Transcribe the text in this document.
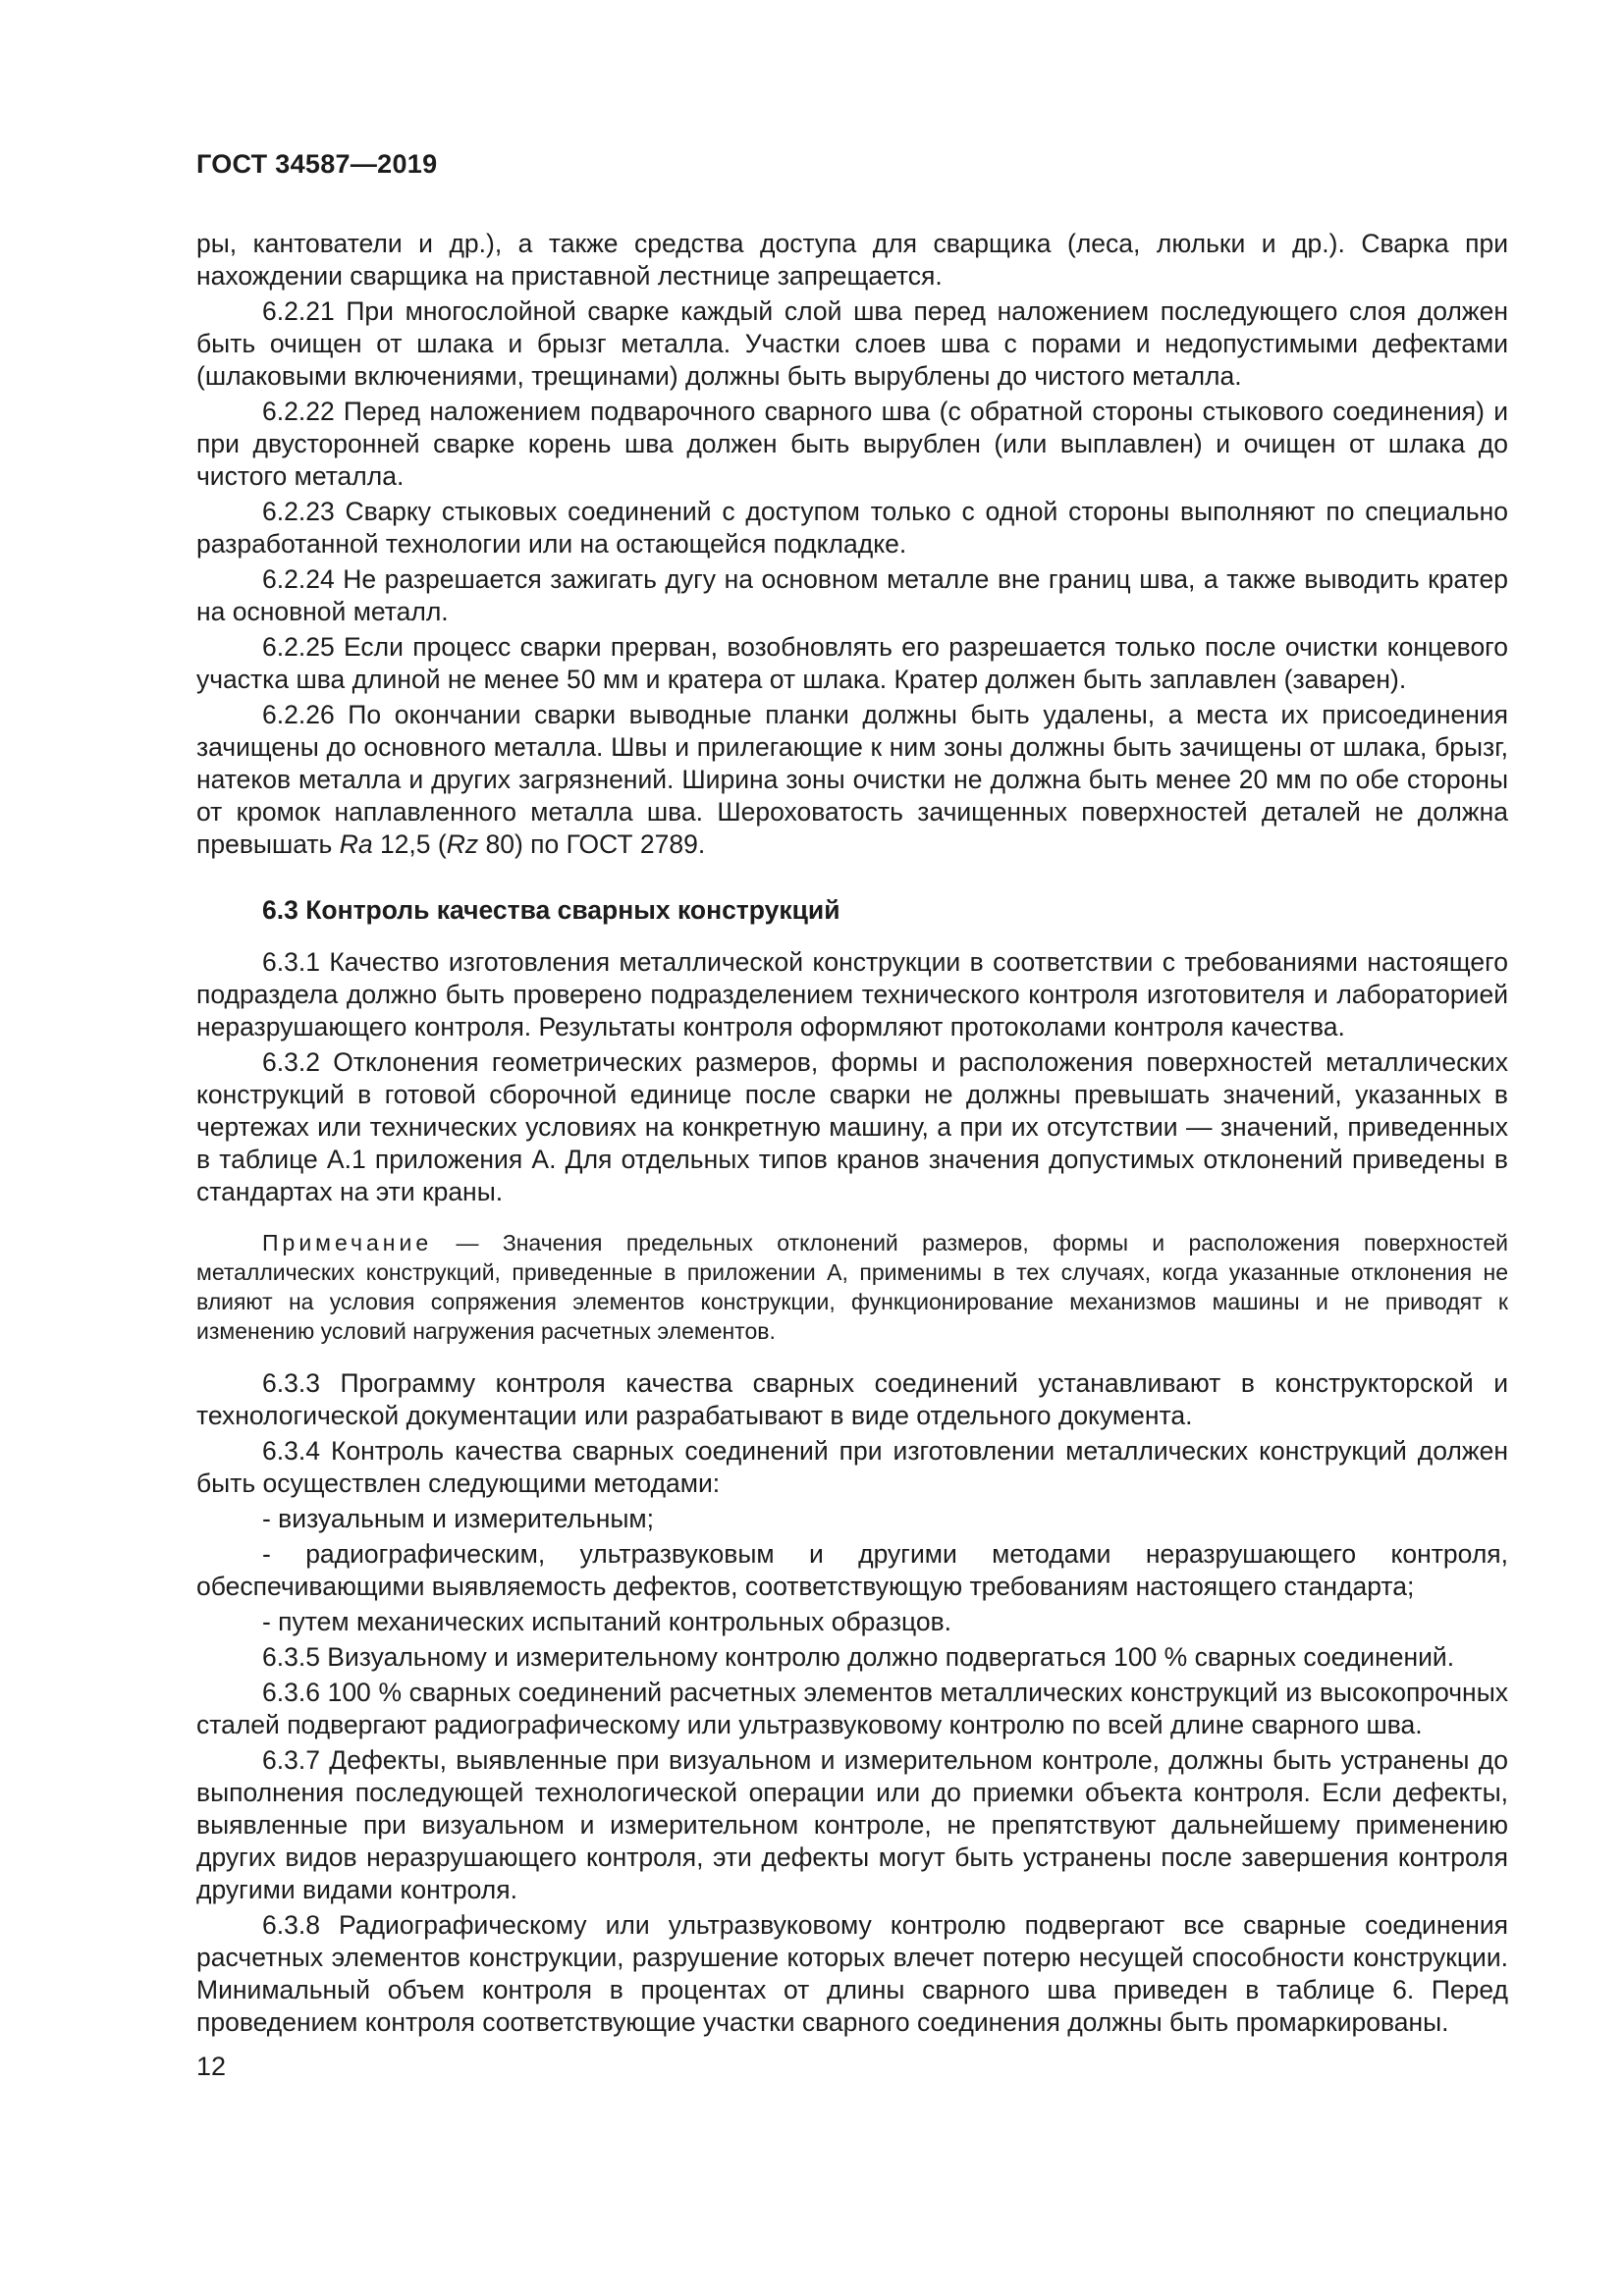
ГОСТ 34587—2019

ры, кантователи и др.), а также средства доступа для сварщика (леса, люльки и др.). Сварка при нахождении сварщика на приставной лестнице запрещается.

6.2.21 При многослойной сварке каждый слой шва перед наложением последующего слоя должен быть очищен от шлака и брызг металла. Участки слоев шва с порами и недопустимыми дефектами (шлаковыми включениями, трещинами) должны быть вырублены до чистого металла.

6.2.22 Перед наложением подварочного сварного шва (с обратной стороны стыкового соединения) и при двусторонней сварке корень шва должен быть вырублен (или выплавлен) и очищен от шлака до чистого металла.

6.2.23 Сварку стыковых соединений с доступом только с одной стороны выполняют по специально разработанной технологии или на остающейся подкладке.

6.2.24 Не разрешается зажигать дугу на основном металле вне границ шва, а также выводить кратер на основной металл.

6.2.25 Если процесс сварки прерван, возобновлять его разрешается только после очистки концевого участка шва длиной не менее 50 мм и кратера от шлака. Кратер должен быть заплавлен (заварен).

6.2.26 По окончании сварки выводные планки должны быть удалены, а места их присоединения зачищены до основного металла. Швы и прилегающие к ним зоны должны быть зачищены от шлака, брызг, натеков металла и других загрязнений. Ширина зоны очистки не должна быть менее 20 мм по обе стороны от кромок наплавленного металла шва. Шероховатость зачищенных поверхностей деталей не должна превышать Ra 12,5 (Rz 80) по ГОСТ 2789.

6.3 Контроль качества сварных конструкций

6.3.1 Качество изготовления металлической конструкции в соответствии с требованиями настоящего подраздела должно быть проверено подразделением технического контроля изготовителя и лабораторией неразрушающего контроля. Результаты контроля оформляют протоколами контроля качества.

6.3.2 Отклонения геометрических размеров, формы и расположения поверхностей металлических конструкций в готовой сборочной единице после сварки не должны превышать значений, указанных в чертежах или технических условиях на конкретную машину, а при их отсутствии — значений, приведенных в таблице А.1 приложения А. Для отдельных типов кранов значения допустимых отклонений приведены в стандартах на эти краны.

Примечание — Значения предельных отклонений размеров, формы и расположения поверхностей металлических конструкций, приведенные в приложении А, применимы в тех случаях, когда указанные отклонения не влияют на условия сопряжения элементов конструкции, функционирование механизмов машины и не приводят к изменению условий нагружения расчетных элементов.

6.3.3 Программу контроля качества сварных соединений устанавливают в конструкторской и технологической документации или разрабатывают в виде отдельного документа.

6.3.4 Контроль качества сварных соединений при изготовлении металлических конструкций должен быть осуществлен следующими методами:

- визуальным и измерительным;

- радиографическим, ультразвуковым и другими методами неразрушающего контроля, обеспечивающими выявляемость дефектов, соответствующую требованиям настоящего стандарта;

- путем механических испытаний контрольных образцов.

6.3.5 Визуальному и измерительному контролю должно подвергаться 100 % сварных соединений.

6.3.6 100 % сварных соединений расчетных элементов металлических конструкций из высокопрочных сталей подвергают радиографическому или ультразвуковому контролю по всей длине сварного шва.

6.3.7 Дефекты, выявленные при визуальном и измерительном контроле, должны быть устранены до выполнения последующей технологической операции или до приемки объекта контроля. Если дефекты, выявленные при визуальном и измерительном контроле, не препятствуют дальнейшему применению других видов неразрушающего контроля, эти дефекты могут быть устранены после завершения контроля другими видами контроля.

6.3.8 Радиографическому или ультразвуковому контролю подвергают все сварные соединения расчетных элементов конструкции, разрушение которых влечет потерю несущей способности конструкции. Минимальный объем контроля в процентах от длины сварного шва приведен в таблице 6. Перед проведением контроля соответствующие участки сварного соединения должны быть промаркированы.

12
